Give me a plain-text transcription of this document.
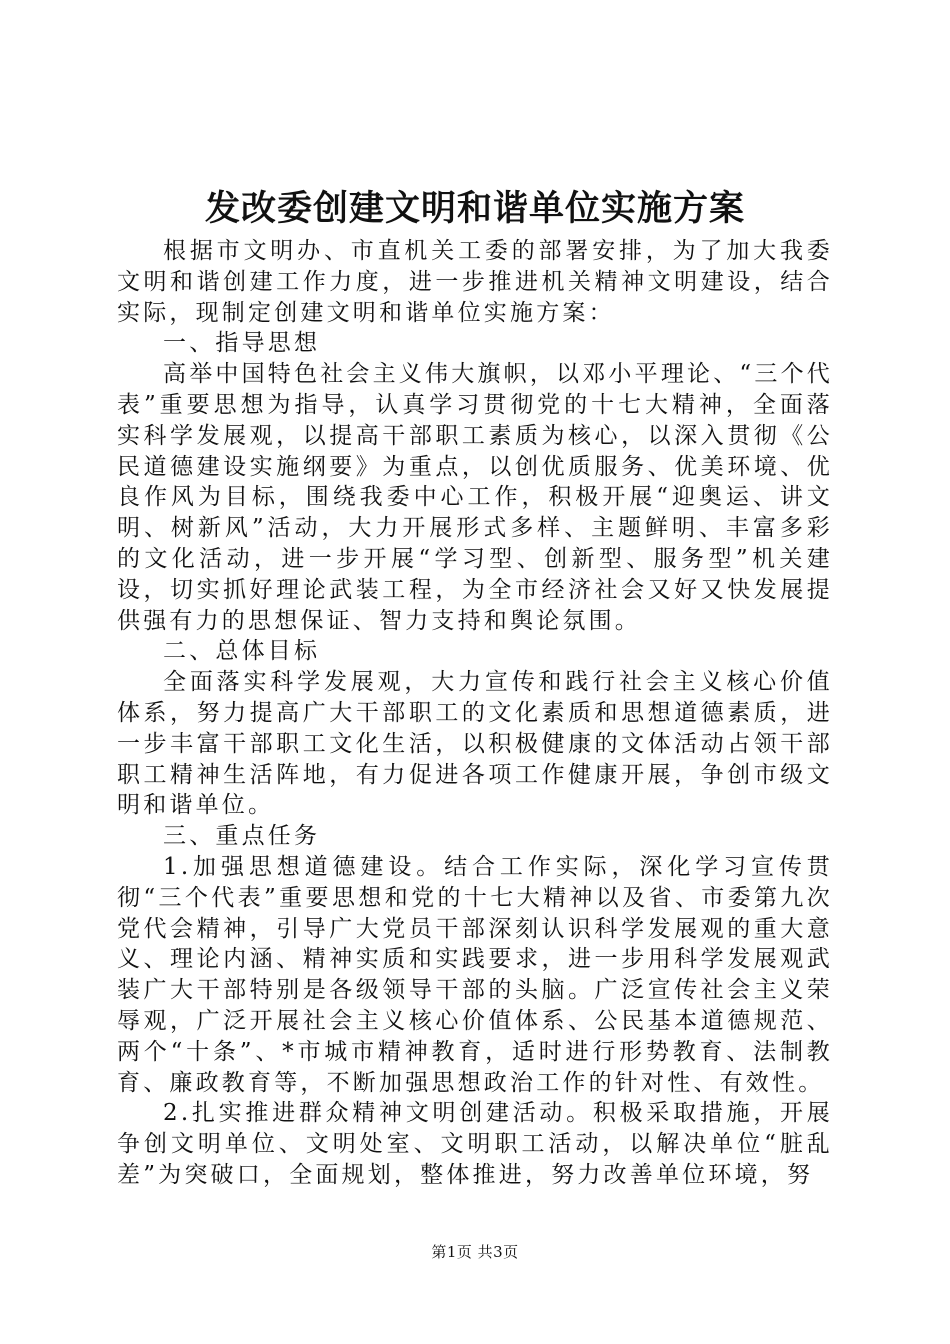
发改委创建文明和谐单位实施方案

根据市文明办、市直机关工委的部署安排，为了加大我委文明和谐创建工作力度，进一步推进机关精神文明建设，结合实际，现制定创建文明和谐单位实施方案：

一、指导思想

高举中国特色社会主义伟大旗帜，以邓小平理论、“三个代表”重要思想为指导，认真学习贯彻党的十七大精神，全面落实科学发展观，以提高干部职工素质为核心，以深入贯彻《公民道德建设实施纲要》为重点，以创优质服务、优美环境、优良作风为目标，围绕我委中心工作，积极开展“迎奥运、讲文明、树新风”活动，大力开展形式多样、主题鲜明、丰富多彩的文化活动，进一步开展“学习型、创新型、服务型”机关建设，切实抓好理论武装工程，为全市经济社会又好又快发展提供强有力的思想保证、智力支持和舆论氛围。

二、总体目标

全面落实科学发展观，大力宣传和践行社会主义核心价值体系，努力提高广大干部职工的文化素质和思想道德素质，进一步丰富干部职工文化生活，以积极健康的文体活动占领干部职工精神生活阵地，有力促进各项工作健康开展，争创市级文明和谐单位。

三、重点任务

1.加强思想道德建设。结合工作实际，深化学习宣传贯彻“三个代表”重要思想和党的十七大精神以及省、市委第九次党代会精神，引导广大党员干部深刻认识科学发展观的重大意义、理论内涵、精神实质和实践要求，进一步用科学发展观武装广大干部特别是各级领导干部的头脑。广泛宣传社会主义荣辱观，广泛开展社会主义核心价值体系、公民基本道德规范、两个“十条”、*市城市精神教育，适时进行形势教育、法制教育、廉政教育等，不断加强思想政治工作的针对性、有效性。

2.扎实推进群众精神文明创建活动。积极采取措施，开展争创文明单位、文明处室、文明职工活动，以解决单位“脏乱差”为突破口，全面规划，整体推进，努力改善单位环境，努

第1页 共3页
